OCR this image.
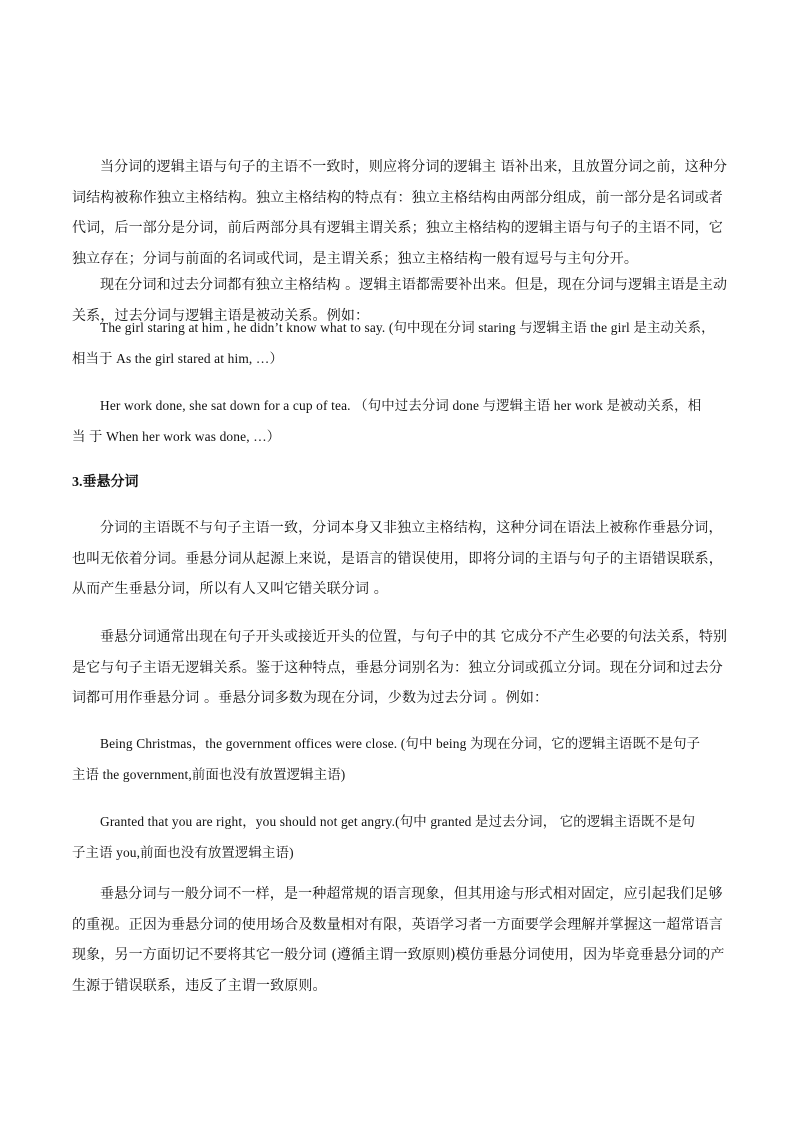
当分词的逻辑主语与句子的主语不一致时，则应将分词的逻辑主 语补出来，且放置分词之前，这种分
词结构被称作独立主格结构。独立主格结构的特点有：独立主格结构由两部分组成，前一部分是名词或者
代词，后一部分是分词，前后两部分具有逻辑主谓关系；独立主格结构的逻辑主语与句子的主语不同，它
独立存在；分词与前面的名词或代词，是主谓关系；独立主格结构一般有逗号与主句分开。
现在分词和过去分词都有独立主格结构 。逻辑主语都需要补出来。但是，现在分词与逻辑主语是主动
关系，过去分词与逻辑主语是被动关系。例如：
The girl staring at him , he didn’t know what to say. (句中现在分词 staring 与逻辑主语 the girl 是主动关系，
相当于 As the girl stared at him, …）
Her work done, she sat down for a cup of tea. （句中过去分词 done 与逻辑主语 her work 是被动关系，相
当 于 When her work was done, …）
3.垂悬分词
分词的主语既不与句子主语一致，分词本身又非独立主格结构，这种分词在语法上被称作垂悬分词，
也叫无依着分词。垂悬分词从起源上来说，是语言的错误使用，即将分词的主语与句子的主语错误联系，
从而产生垂悬分词，所以有人又叫它错关联分词 。
垂悬分词通常出现在句子开头或接近开头的位置，与句子中的其 它成分不产生必要的句法关系，特别
是它与句子主语无逻辑关系。鉴于这种特点，垂悬分词别名为：独立分词或孤立分词。现在分词和过去分
词都可用作垂悬分词 。垂悬分词多数为现在分词，少数为过去分词 。例如：
Being Christmas，the government offices were close. (句中 being 为现在分词，它的逻辑主语既不是句子
主语 the government,前面也没有放置逻辑主语)
Granted that you are right，you should not get angry.(句中 granted 是过去分词， 它的逻辑主语既不是句
子主语 you,前面也没有放置逻辑主语)
垂悬分词与一般分词不一样，是一种超常规的语言现象，但其用途与形式相对固定，应引起我们足够
的重视。正因为垂悬分词的使用场合及数量相对有限，英语学习者一方面要学会理解并掌握这一超常语言
现象，另一方面切记不要将其它一般分词 (遵循主谓一致原则)模仿垂悬分词使用，因为毕竟垂悬分词的产
生源于错误联系，违反了主谓一致原则。
